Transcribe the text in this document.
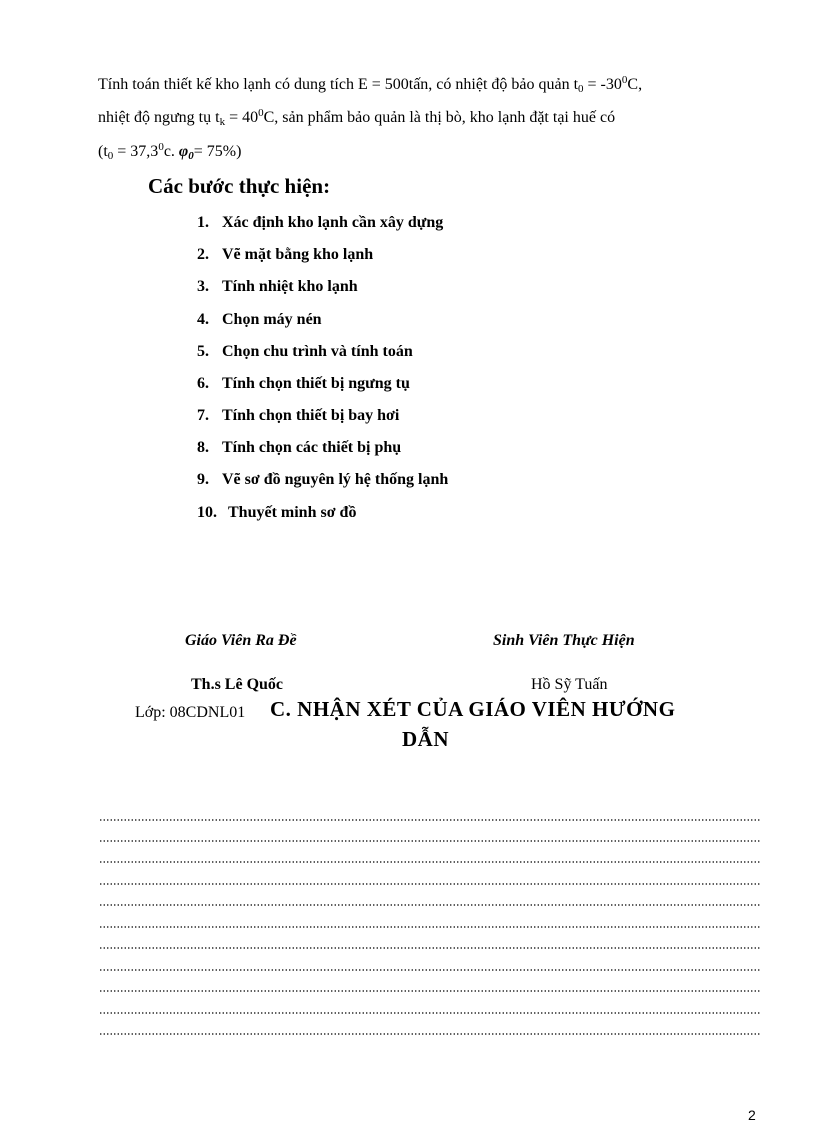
Tính toán thiết kế kho lạnh có dung tích E = 500tấn, có nhiệt độ bảo quản $t_0 = -30^0C$,
nhiệt độ ngưng tụ $t_k = 40^0C$, sản phẩm bảo quản là thị bò, kho lạnh đặt tại huế có
($t_0 = 37,3^0c$. $\varphi_0= 75\%$)
Các bước thực hiện:
1. Xác định kho lạnh cần xây dựng
2. Vẽ mặt bằng kho lạnh
3. Tính nhiệt kho lạnh
4. Chọn máy nén
5. Chọn chu trình và tính toán
6. Tính chọn thiết bị ngưng tụ
7. Tính chọn thiết bị bay hơi
8. Tính chọn các thiết bị phụ
9. Vẽ sơ đồ nguyên lý hệ thống lạnh
10. Thuyết minh sơ đồ
Giáo Viên Ra Đề	Sinh Viên Thực Hiện
Th.s Lê Quốc	Hồ Sỹ Tuấn
Lớp: 08CDNL01 C. NHẬN XÉT CỦA GIÁO VIÊN HƯỚNG
DẪN
2
